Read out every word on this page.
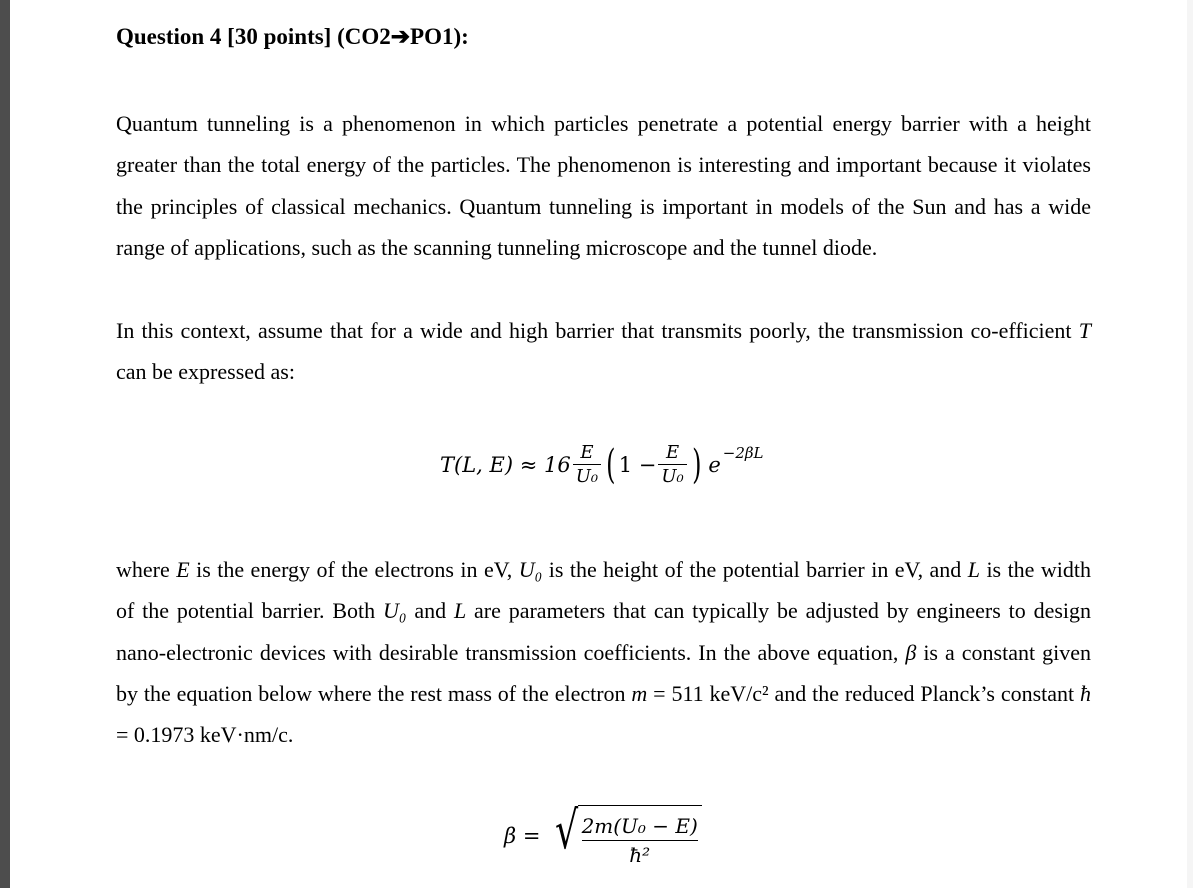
Question 4 [30 points] (CO2➔PO1):
Quantum tunneling is a phenomenon in which particles penetrate a potential energy barrier with a height greater than the total energy of the particles. The phenomenon is interesting and important because it violates the principles of classical mechanics. Quantum tunneling is important in models of the Sun and has a wide range of applications, such as the scanning tunneling microscope and the tunnel diode.
In this context, assume that for a wide and high barrier that transmits poorly, the transmission co-efficient T can be expressed as:
T(L, $E) \approx 16 \frac{E}{\text{U₀}}$ ( $1 - \frac{E}{\text{U₀}}$ ) e −2βL
where E is the energy of the electrons in eV, U₀ is the height of the potential barrier in eV, and L is the width of the potential barrier. Both U₀ and L are parameters that can typically be adjusted by engineers to design nano-electronic devices with desirable transmission coefficients. In the above equation, β is a constant given by the equation below where the rest mass of the electron m = 511 keV/c² and the reduced Planck’s constant ħ = 0.1973 keV·nm/c.
β = √
$\frac{\text{2m(U₀ − E)}}{\text{ħ²}}$
